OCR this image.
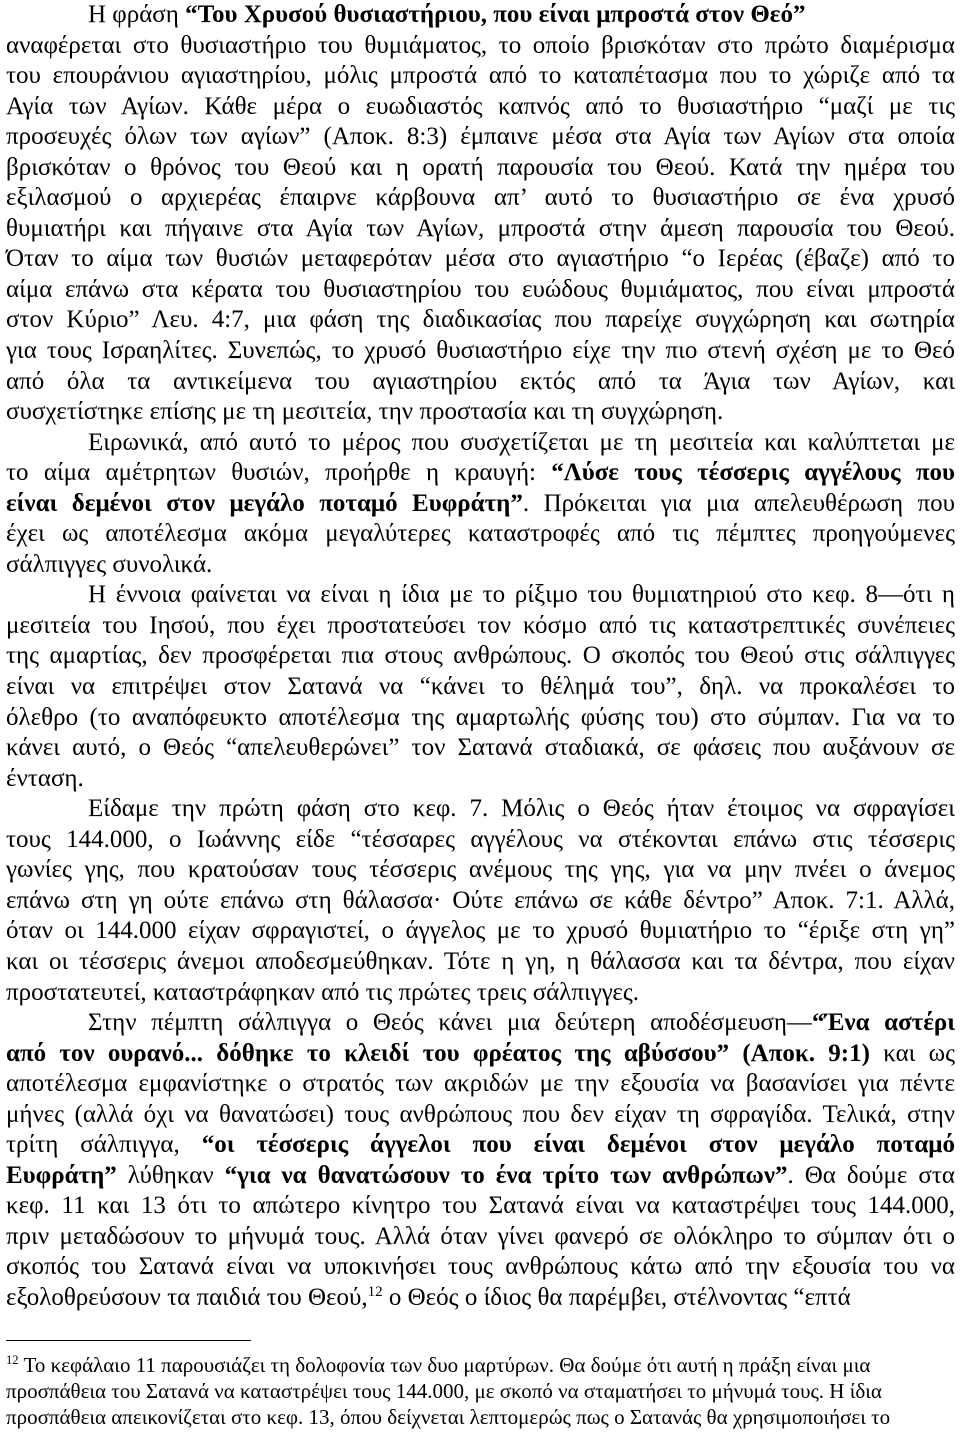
Η φράση “Του Χρυσού θυσιαστήριου, που είναι μπροστά στον Θεό”
αναφέρεται στο θυσιαστήριο του θυμιάματος, το οποίο βρισκόταν στο πρώτο διαμέρισμα
του επουράνιου αγιαστηρίου, μόλις μπροστά από το καταπέτασμα που το χώριζε από τα
Αγία των Αγίων. Κάθε μέρα ο ευωδιαστός καπνός από το θυσιαστήριο “μαζί με τις
προσευχές όλων των αγίων” (Αποκ. 8:3) έμπαινε μέσα στα Αγία των Αγίων στα οποία
βρισκόταν ο θρόνος του Θεού και η ορατή παρουσία του Θεού. Κατά την ημέρα του
εξιλασμού ο αρχιερέας έπαιρνε κάρβουνα απ’ αυτό το θυσιαστήριο σε ένα χρυσό
θυμιατήρι και πήγαινε στα Αγία των Αγίων, μπροστά στην άμεση παρουσία του Θεού.
Όταν το αίμα των θυσιών μεταφερόταν μέσα στο αγιαστήριο “ο Ιερέας (έβαζε) από το
αίμα επάνω στα κέρατα του θυσιαστηρίου του ευώδους θυμιάματος, που είναι μπροστά
στον Κύριο” Λευ. 4:7, μια φάση της διαδικασίας που παρείχε συγχώρηση και σωτηρία
για τους Ισραηλίτες. Συνεπώς, το χρυσό θυσιαστήριο είχε την πιο στενή σχέση με το Θεό
από όλα τα αντικείμενα του αγιαστηρίου εκτός από τα Άγια των Αγίων, και
συσχετίστηκε επίσης με τη μεσιτεία, την προστασία και τη συγχώρηση.
Ειρωνικά, από αυτό το μέρος που συσχετίζεται με τη μεσιτεία και καλύπτεται με
το αίμα αμέτρητων θυσιών, προήρθε η κραυγή: “Λύσε τους τέσσερις αγγέλους που
είναι δεμένοι στον μεγάλο ποταμό Ευφράτη”. Πρόκειται για μια απελευθέρωση που
έχει ως αποτέλεσμα ακόμα μεγαλύτερες καταστροφές από τις πέμπτες προηγούμενες
σάλπιγγες συνολικά.
Η έννοια φαίνεται να είναι η ίδια με το ρίξιμο του θυμιατηριού στο κεφ. 8—ότι η
μεσιτεία του Ιησού, που έχει προστατεύσει τον κόσμο από τις καταστρεπτικές συνέπειες
της αμαρτίας, δεν προσφέρεται πια στους ανθρώπους. Ο σκοπός του Θεού στις σάλπιγγες
είναι να επιτρέψει στον Σατανά να “κάνει το θέλημά του”, δηλ. να προκαλέσει το
όλεθρο (το αναπόφευκτο αποτέλεσμα της αμαρτωλής φύσης του) στο σύμπαν. Για να το
κάνει αυτό, ο Θεός “απελευθερώνει” τον Σατανά σταδιακά, σε φάσεις που αυξάνουν σε
ένταση.
Είδαμε την πρώτη φάση στο κεφ. 7. Μόλις ο Θεός ήταν έτοιμος να σφραγίσει
τους 144.000, ο Ιωάννης είδε “τέσσαρες αγγέλους να στέκονται επάνω στις τέσσερις
γωνίες γης, που κρατούσαν τους τέσσερις ανέμους της γης, για να μην πνέει ο άνεμος
επάνω στη γη ούτε επάνω στη θάλασσα· Ούτε επάνω σε κάθε δέντρο” Αποκ. 7:1. Αλλά,
όταν οι 144.000 είχαν σφραγιστεί, ο άγγελος με το χρυσό θυμιατήριο το “έριξε στη γη”
και οι τέσσερις άνεμοι αποδεσμεύθηκαν. Τότε η γη, η θάλασσα και τα δέντρα, που είχαν
προστατευτεί, καταστράφηκαν από τις πρώτες τρεις σάλπιγγες.
Στην πέμπτη σάλπιγγα ο Θεός κάνει μια δεύτερη αποδέσμευση—“Ένα αστέρι
από τον ουρανό... δόθηκε το κλειδί του φρέατος της αβύσσου” (Αποκ. 9:1) και ως
αποτέλεσμα εμφανίστηκε ο στρατός των ακριδών με την εξουσία να βασανίσει για πέντε
μήνες (αλλά όχι να θανατώσει) τους ανθρώπους που δεν είχαν τη σφραγίδα. Τελικά, στην
τρίτη σάλπιγγα, “οι τέσσερις άγγελοι που είναι δεμένοι στον μεγάλο ποταμό
Ευφράτη” λύθηκαν “για να θανατώσουν το ένα τρίτο των ανθρώπων”. Θα δούμε στα
κεφ. 11 και 13 ότι το απώτερο κίνητρο του Σατανά είναι να καταστρέψει τους 144.000,
πριν μεταδώσουν το μήνυμά τους. Αλλά όταν γίνει φανερό σε ολόκληρο το σύμπαν ότι ο
σκοπός του Σατανά είναι να υποκινήσει τους ανθρώπους κάτω από την εξουσία του να
εξολοθρεύσουν τα παιδιά του Θεού,$^{12}$ ο Θεός ο ίδιος θα παρέμβει, στέλνοντας “επτά
$^{12}$ Το κεφάλαιο 11 παρουσιάζει τη δολοφονία των δυο μαρτύρων. Θα δούμε ότι αυτή η πράξη είναι μια
προσπάθεια του Σατανά να καταστρέψει τους 144.000, με σκοπό να σταματήσει το μήνυμά τους. Η ίδια
προσπάθεια απεικονίζεται στο κεφ. 13, όπου δείχνεται λεπτομερώς πως ο Σατανάς θα χρησιμοποιήσει το
